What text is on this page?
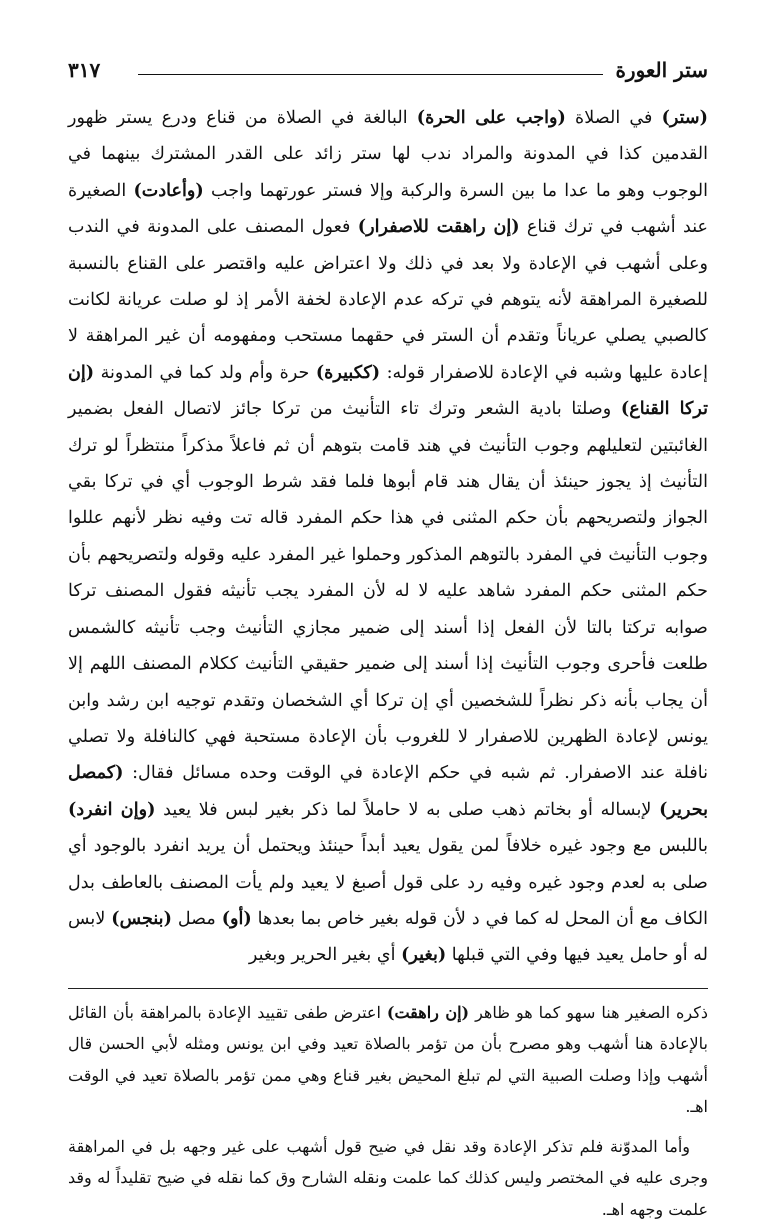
ستر العورة
٣١٧
(ستر) في الصلاة (واجب على الحرة) البالغة في الصلاة من قناع ودرع يستر ظهور القدمين كذا في المدونة والمراد ندب لها ستر زائد على القدر المشترك بينهما في الوجوب وهو ما عدا ما بين السرة والركبة وإلا فستر عورتهما واجب (وأعادت) الصغيرة عند أشهب في ترك قناع (إن راهقت للاصفرار) فعول المصنف على المدونة في الندب وعلى أشهب في الإعادة ولا بعد في ذلك ولا اعتراض عليه واقتصر على القناع بالنسبة للصغيرة المراهقة لأنه يتوهم في تركه عدم الإعادة لخفة الأمر إذ لو صلت عريانة لكانت كالصبي يصلي عرياناً وتقدم أن الستر في حقهما مستحب ومفهومه أن غير المراهقة لا إعادة عليها وشبه في الإعادة للاصفرار قوله: (ككبيرة) حرة وأم ولد كما في المدونة (إن تركا القناع) وصلتا بادية الشعر وترك تاء التأنيث من تركا جائز لاتصال الفعل بضمير الغائبتين لتعليلهم وجوب التأنيث في هند قامت بتوهم أن ثم فاعلاً مذكراً منتظراً لو ترك التأنيث إذ يجوز حينئذ أن يقال هند قام أبوها فلما فقد شرط الوجوب أي في تركا بقي الجواز ولتصريحهم بأن حكم المثنى في هذا حكم المفرد قاله تت وفيه نظر لأنهم عللوا وجوب التأنيث في المفرد بالتوهم المذكور وحملوا غير المفرد عليه وقوله ولتصريحهم بأن حكم المثنى حكم المفرد شاهد عليه لا له لأن المفرد يجب تأنيثه فقول المصنف تركا صوابه تركتا بالتا لأن الفعل إذا أسند إلى ضمير مجازي التأنيث وجب تأنيثه كالشمس طلعت فأحرى وجوب التأنيث إذا أسند إلى ضمير حقيقي التأنيث ككلام المصنف اللهم إلا أن يجاب بأنه ذكر نظراً للشخصين أي إن تركا أي الشخصان وتقدم توجيه ابن رشد وابن يونس لإعادة الظهرين للاصفرار لا للغروب بأن الإعادة مستحبة فهي كالنافلة ولا تصلي نافلة عند الاصفرار. ثم شبه في حكم الإعادة في الوقت وحده مسائل فقال: (كمصل بحرير) لإبساله أو بخاتم ذهب صلى به لا حاملاً لما ذكر بغير لبس فلا يعيد (وإن انفرد) باللبس مع وجود غيره خلافاً لمن يقول يعيد أبداً حينئذ ويحتمل أن يريد انفرد بالوجود أي صلى به لعدم وجود غيره وفيه رد على قول أصبغ لا يعيد ولم يأت المصنف بالعاطف بدل الكاف مع أن المحل له كما في د لأن قوله بغير خاص بما بعدها (أو) مصل (بنجس) لابس له أو حامل يعيد فيها وفي التي قبلها (بغير) أي بغير الحرير وبغير

ذكره الصغير هنا سهو كما هو ظاهر (إن راهقت) اعترض طفى تقييد الإعادة بالمراهقة بأن القائل بالإعادة هنا أشهب وهو مصرح بأن من تؤمر بالصلاة تعيد وفي ابن يونس ومثله لأبي الحسن قال أشهب وإذا وصلت الصبية التي لم تبلغ المحيض بغير قناع وهي ممن تؤمر بالصلاة تعيد في الوقت اهـ.

وأما المدوّنة فلم تذكر الإعادة وقد نقل في ضيح قول أشهب على غير وجهه بل في المراهقة وجرى عليه في المختصر وليس كذلك كما علمت ونقله الشارح وق كما نقله في ضيح تقليداً له وقد علمت وجهه اهـ.
